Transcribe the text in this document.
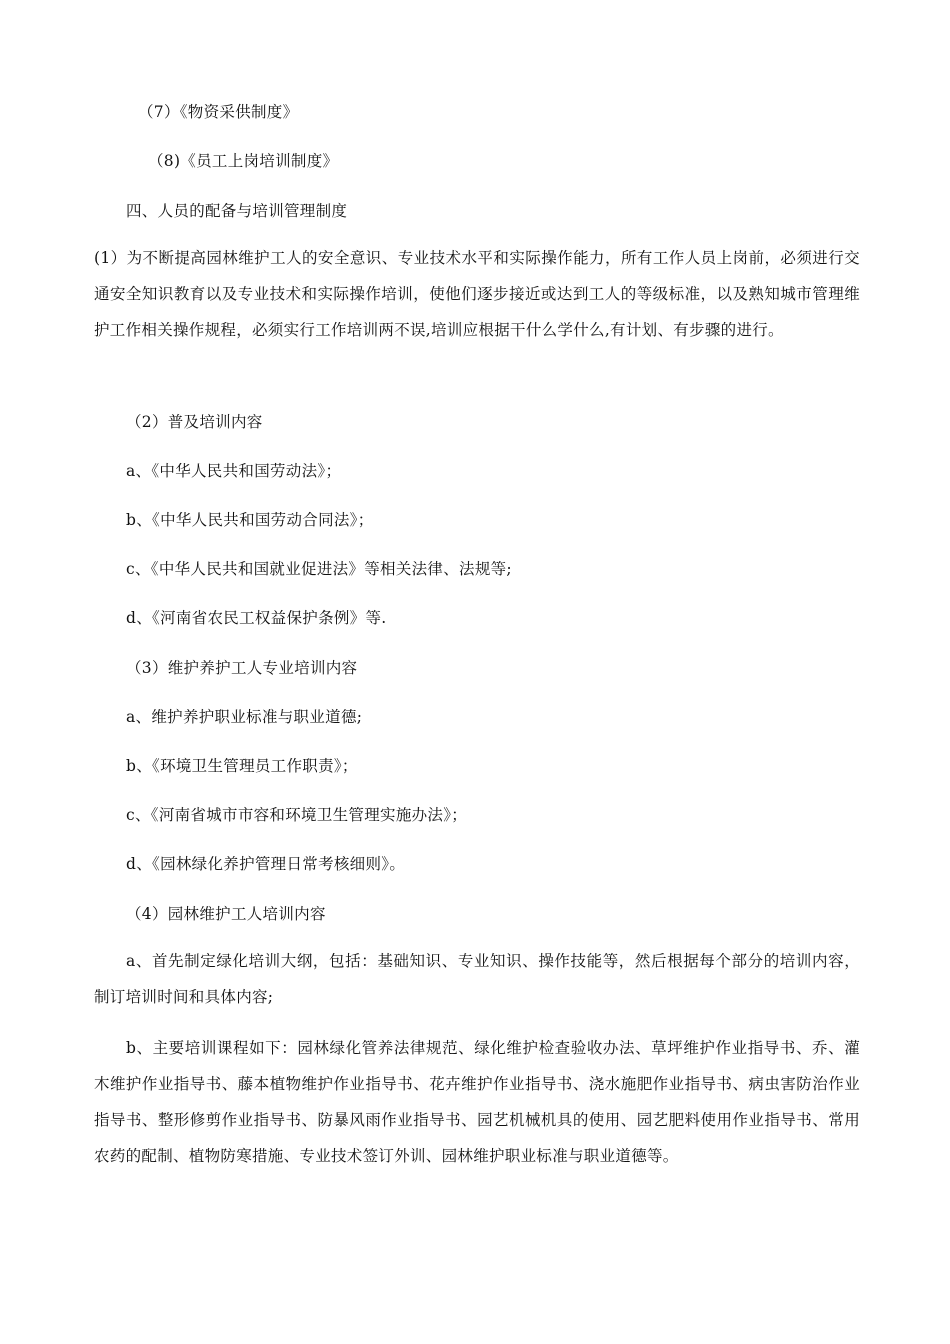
（7）《物资采供制度》
（8)《员工上岗培训制度》
四、人员的配备与培训管理制度
(1）为不断提高园林维护工人的安全意识、专业技术水平和实际操作能力，所有工作人员上岗前，必须进行交通安全知识教育以及专业技术和实际操作培训，使他们逐步接近或达到工人的等级标准，以及熟知城市管理维护工作相关操作规程，必须实行工作培训两不误,培训应根据干什么学什么,有计划、有步骤的进行。
（2）普及培训内容
a、《中华人民共和国劳动法》；
b、《中华人民共和国劳动合同法》；
c、《中华人民共和国就业促进法》等相关法律、法规等;
d、《河南省农民工权益保护条例》等.
（3）维护养护工人专业培训内容
a、维护养护职业标准与职业道德;
b、《环境卫生管理员工作职责》；
c、《河南省城市市容和环境卫生管理实施办法》；
d、《园林绿化养护管理日常考核细则》。
（4）园林维护工人培训内容
a、首先制定绿化培训大纲，包括：基础知识、专业知识、操作技能等，然后根据每个部分的培训内容，制订培训时间和具体内容;
b、主要培训课程如下：园林绿化管养法律规范、绿化维护检查验收办法、草坪维护作业指导书、乔、灌木维护作业指导书、藤本植物维护作业指导书、花卉维护作业指导书、浇水施肥作业指导书、病虫害防治作业指导书、整形修剪作业指导书、防暴风雨作业指导书、园艺机械机具的使用、园艺肥料使用作业指导书、常用农药的配制、植物防寒措施、专业技术签订外训、园林维护职业标准与职业道德等。
